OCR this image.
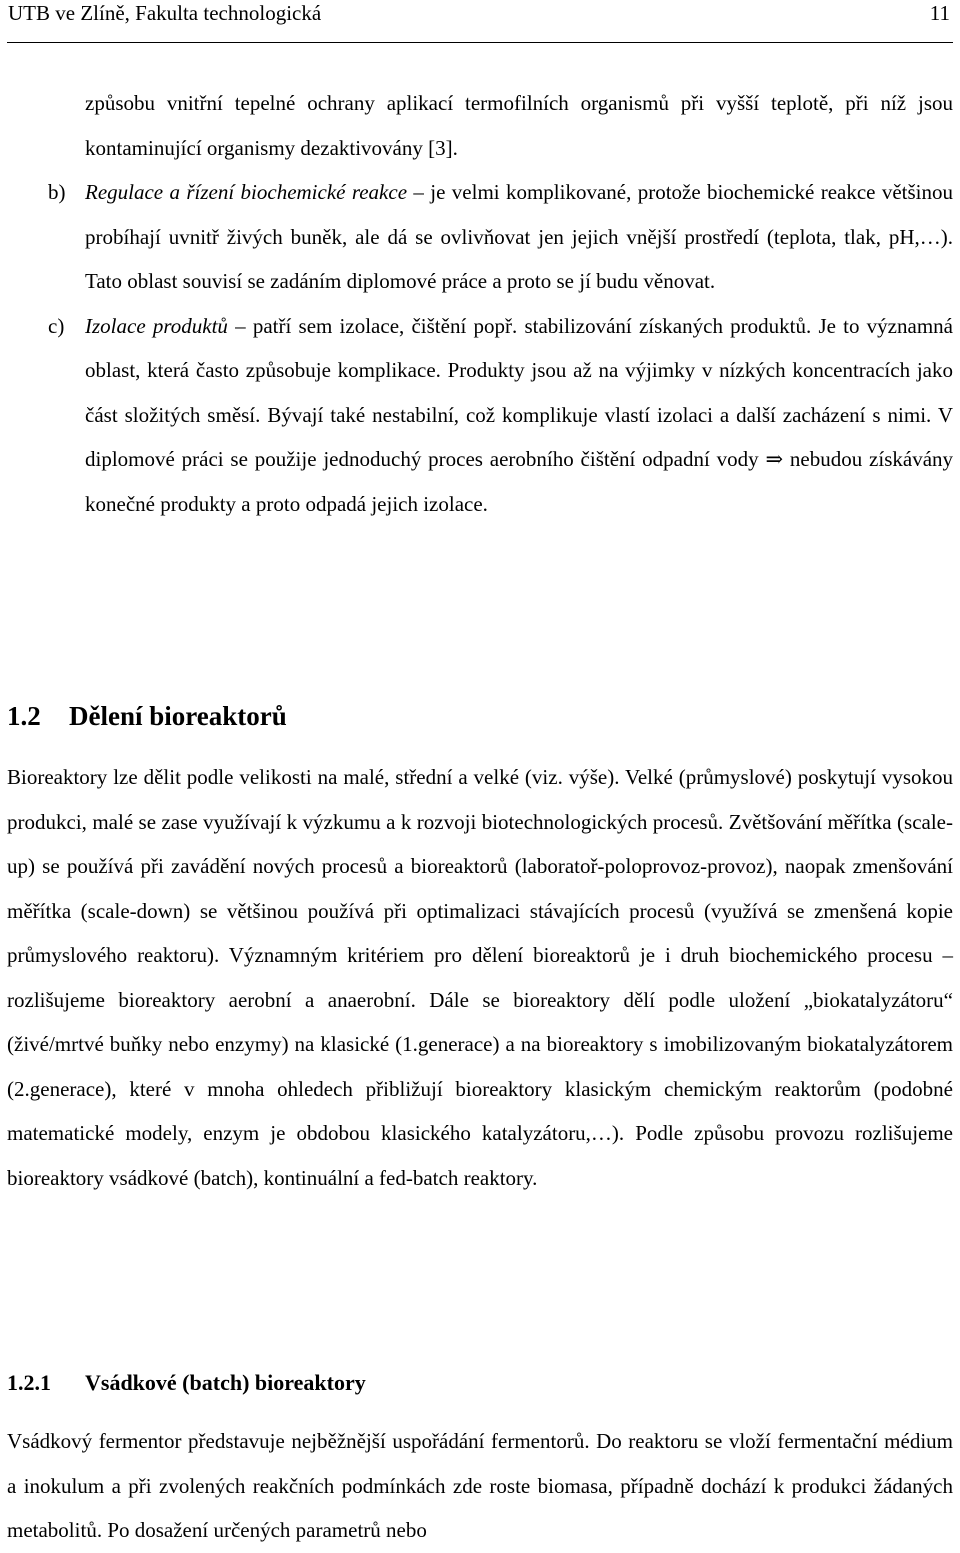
UTB ve Zlíně, Fakulta technologická	11
způsobu vnitřní tepelné ochrany aplikací termofilních organismů při vyšší teplotě, při níž jsou kontaminující organismy dezaktivovány [3].
b) Regulace a řízení biochemické reakce – je velmi komplikované, protože biochemické reakce většinou probíhají uvnitř živých buněk, ale dá se ovlivňovat jen jejich vnější prostředí (teplota, tlak, pH,…). Tato oblast souvisí se zadáním diplomové práce a proto se jí budu věnovat.
c) Izolace produktů – patří sem izolace, čištění popř. stabilizování získaných produktů. Je to významná oblast, která často způsobuje komplikace. Produkty jsou až na výjimky v nízkých koncentracích jako část složitých směsí. Bývají také nestabilní, což komplikuje vlastí izolaci a další zacházení s nimi. V diplomové práci se použije jednoduchý proces aerobního čištění odpadní vody ⇒ nebudou získávány konečné produkty a proto odpadá jejich izolace.
1.2 Dělení bioreaktorů
Bioreaktory lze dělit podle velikosti na malé, střední a velké (viz. výše). Velké (průmyslové) poskytují vysokou produkci, malé se zase využívají k výzkumu a k rozvoji biotechnologických procesů. Zvětšování měřítka (scale-up) se používá při zavádění nových procesů a bioreaktorů (laboratoř-poloprovoz-provoz), naopak zmenšování měřítka (scale-down) se většinou používá při optimalizaci stávajících procesů (využívá se zmenšená kopie průmyslového reaktoru). Významným kritériem pro dělení bioreaktorů je i druh biochemického procesu – rozlišujeme bioreaktory aerobní a anaerobní. Dále se bioreaktory dělí podle uložení „biokatalyzátoru“ (živé/mrtvé buňky nebo enzymy) na klasické (1.generace) a na bioreaktory s imobilizovaným biokatalyzátorem (2.generace), které v mnoha ohledech přibližují bioreaktory klasickým chemickým reaktorům (podobné matematické modely, enzym je obdobou klasického katalyzátoru,…). Podle způsobu provozu rozlišujeme bioreaktory vsádkové (batch), kontinuální a fed-batch reaktory.
1.2.1 Vsádkové (batch) bioreaktory
Vsádkový fermentor představuje nejběžnější uspořádání fermentorů. Do reaktoru se vloží fermentační médium a inokulum a při zvolených reakčních podmínkách zde roste biomasa, případně dochází k produkci žádaných metabolitů. Po dosažení určených parametrů nebo
